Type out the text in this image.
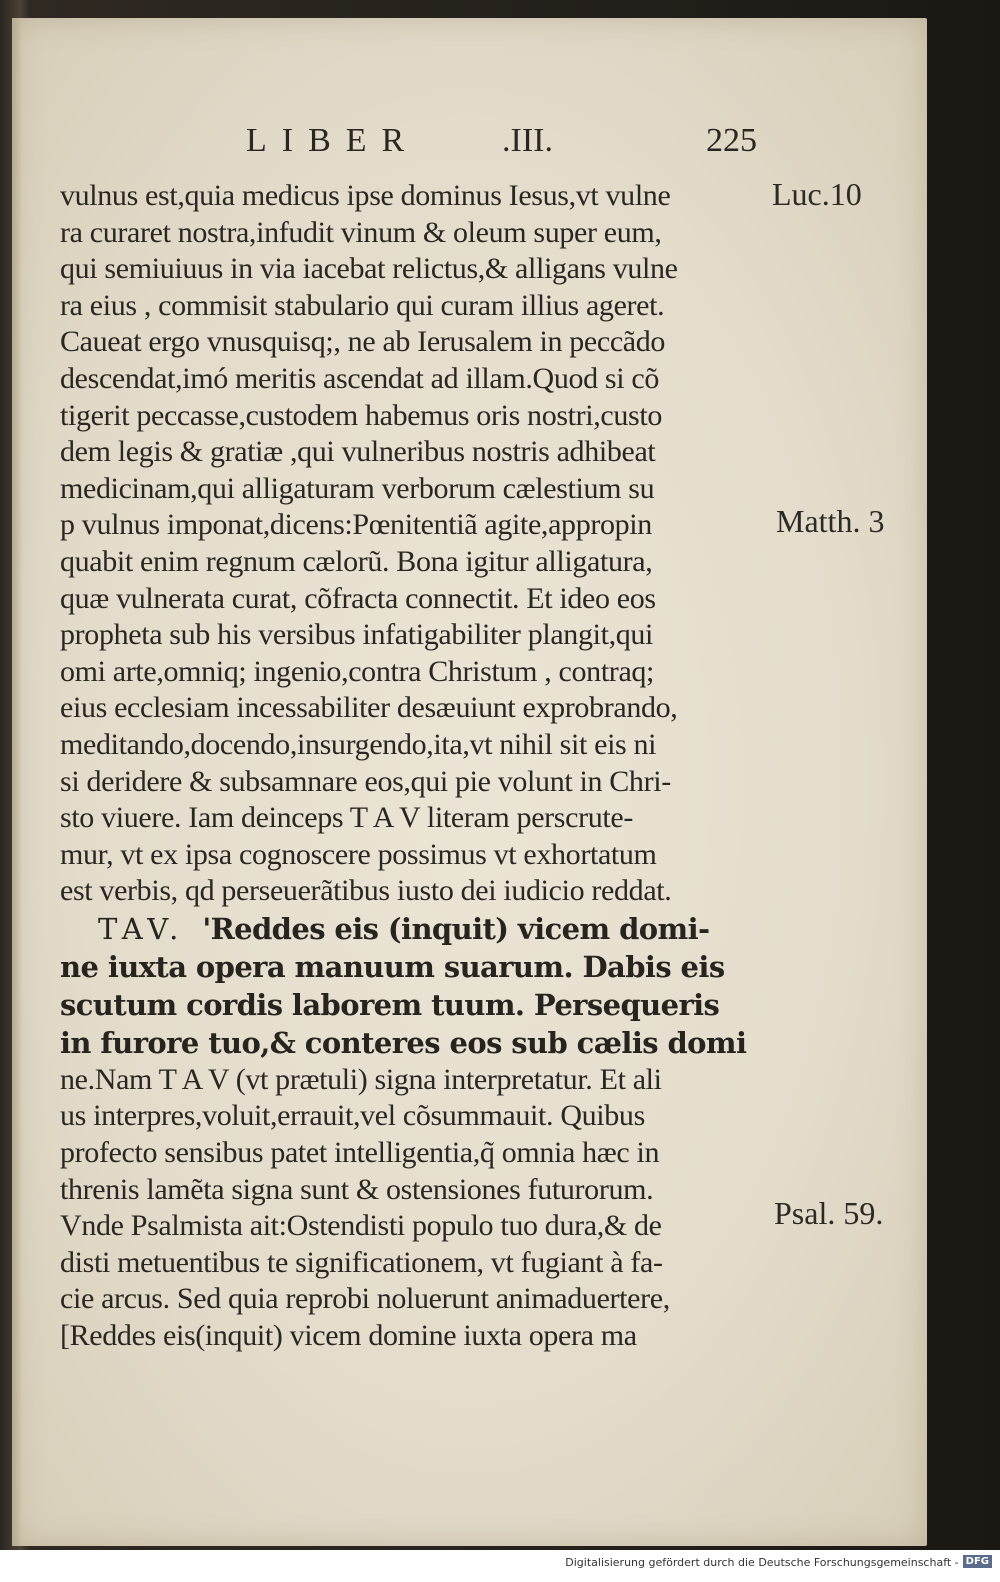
LIBER .III.	225
vulnus est,quia medicus ipse dominus Iesus,vt vulne
ra curaret nostra,infudit vinum & oleum super eum,
qui semiuiuus in via iacebat relictus,& alligans vulne
ra eius , commisit stabulario qui curam illius ageret.
Caueat ergo vnusquisq;, ne ab Ierusalem in peccãdo
descendat,imó meritis ascendat ad illam.Quod si cõ
tigerit peccasse,custodem habemus oris nostri,custo
dem legis & gratiæ ,qui vulneribus nostris adhibeat
medicinam,qui alligaturam verborum cælestium su
p vulnus imponat,dicens:Pœnitentiã agite,appropin
quabit enim regnum cælorũ. Bona igitur alligatura,
quæ vulnerata curat, cõfracta connectit. Et ideo eos
propheta sub his versibus infatigabiliter plangit,qui
omi arte,omniq; ingenio,contra Christum , contraq;
eius ecclesiam incessabiliter desæuiunt exprobrando,
meditando,docendo,insurgendo,ita,vt nihil sit eis ni
si deridere & subsamnare eos,qui pie volunt in Chri-
sto viuere. Iam deinceps T A V literam perscrute-
mur, vt ex ipsa cognoscere possimus vt exhortatum
est verbis, qd perseuerãtibus iusto dei iudicio reddat.
TAV. 'Reddes eis (inquit) vicem domi-
ne iuxta opera manuum suarum. Dabis eis
scutum cordis laborem tuum. Persequeris
in furore tuo,& conteres eos sub cælis domi
ne.Nam T A V (vt prætuli) signa interpretatur. Et ali
us interpres,voluit,errauit,vel cõsummauit. Quibus
profecto sensibus patet intelligentia,q̃ omnia hæc in
threnis lamẽta signa sunt & ostensiones futurorum.
Vnde Psalmista ait:Ostendisti populo tuo dura,& de
disti metuentibus te significationem, vt fugiant à fa-
cie arcus. Sed quia reprobi noluerunt animaduertere,
[Reddes eis(inquit) vicem domine iuxta opera ma
Luc.10
Matth. 3
Psal. 59.
Digitalisierung gefördert durch die Deutsche Forschungsgemeinschaft - DFG
